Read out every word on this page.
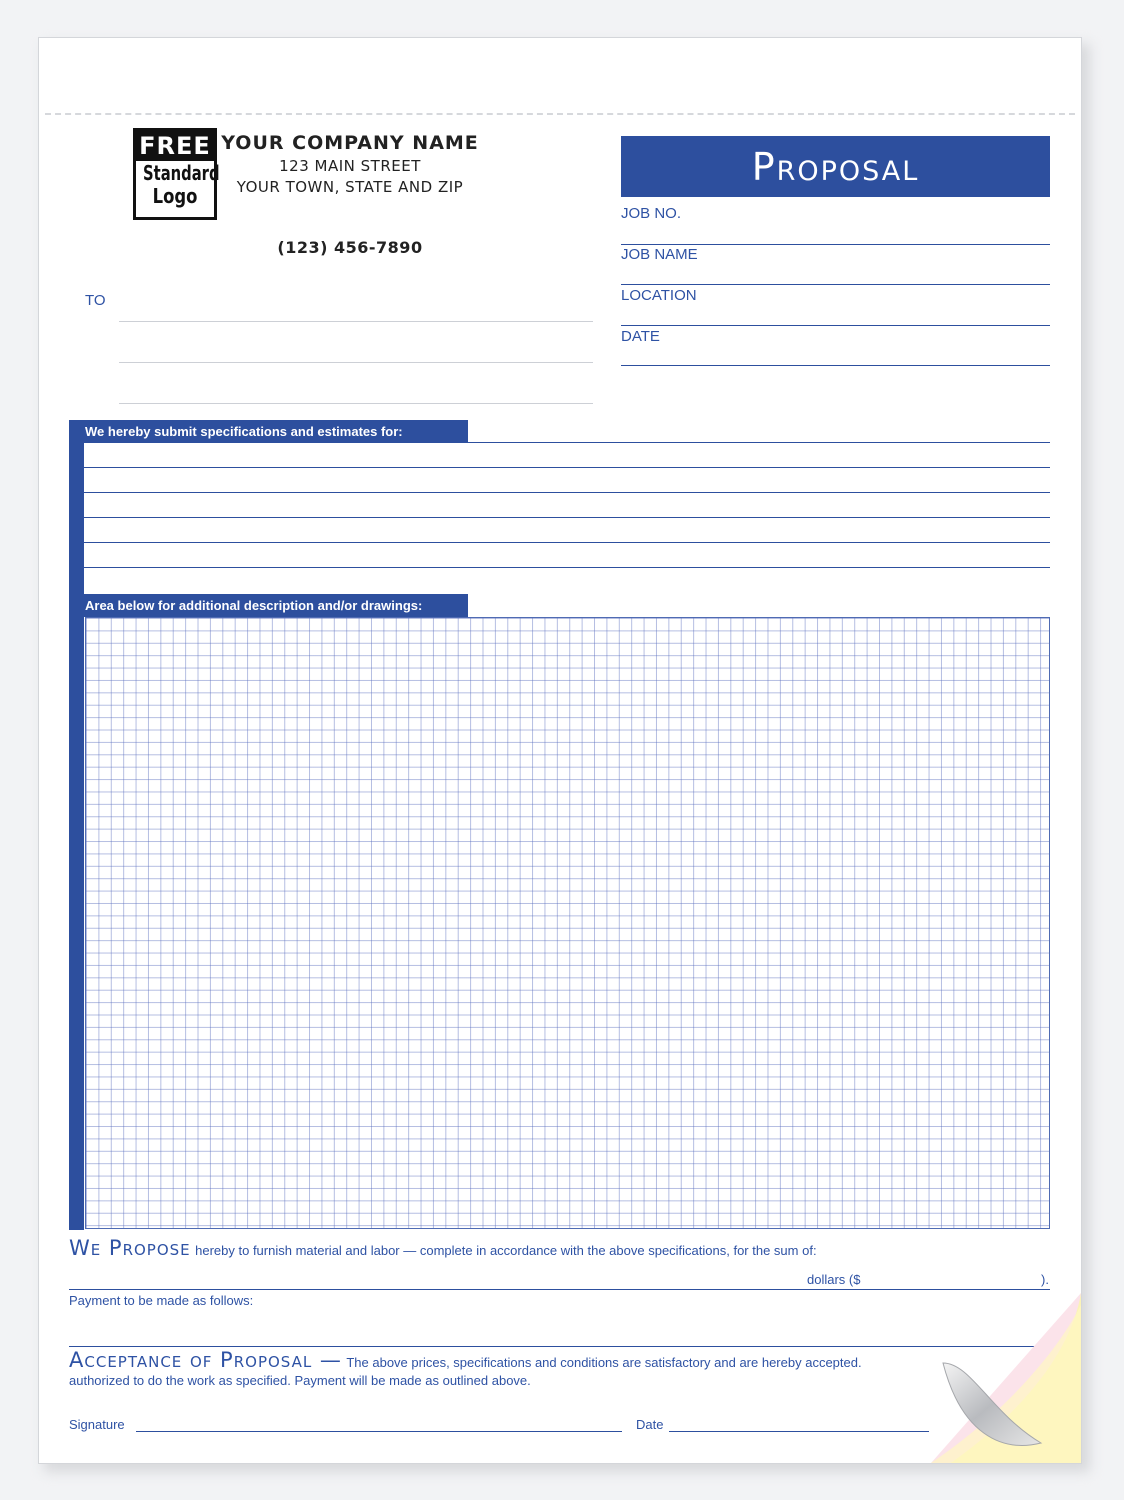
FREE
Standard
Logo
YOUR COMPANY NAME
123 MAIN STREET
YOUR TOWN, STATE AND ZIP
(123) 456-7890
TO
Proposal
JOB NO.
JOB NAME
LOCATION
DATE
We hereby submit specifications and estimates for:
Area below for additional description and/or drawings:
We Propose hereby to furnish material and labor — complete in accordance with the above specifications, for the sum of:
dollars ($	).
Payment to be made as follows:
Acceptance of Proposal — The above prices, specifications and conditions are satisfactory and are hereby accepted.
authorized to do the work as specified. Payment will be made as outlined above.
Signature	Date
